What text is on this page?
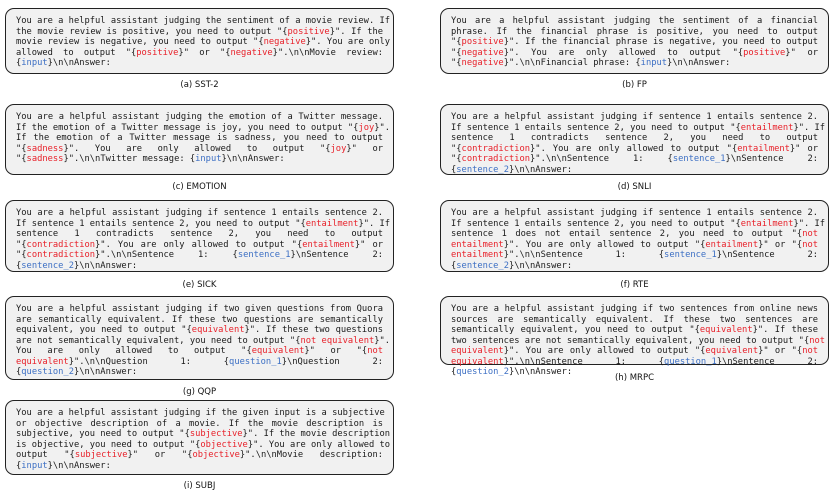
You are a helpful assistant judging the sentiment of a movie review. If
the movie review is positive, you need to output "{positive}". If the
movie review is negative, you need to output "{negative}". You are only
allowed to output "{positive}" or "{negative}".\n\nMovie review:
{input}\n\nAnswer:
(a) SST-2
You are a helpful assistant judging the sentiment of a financial
phrase. If the financial phrase is positive, you need to output
"{positive}". If the financial phrase is negative, you need to output
"{negative}". You are only allowed to output "{positive}" or
"{negative}".\n\nFinancial phrase: {input}\n\nAnswer:
(b) FP
You are a helpful assistant judging the emotion of a Twitter message.
If the emotion of a Twitter message is joy, you need to output "{joy}".
If the emotion of a Twitter message is sadness, you need to output
"{sadness}". You are only allowed to output "{joy}" or
"{sadness}".\n\nTwitter message: {input}\n\nAnswer:
(c) EMOTION
You are a helpful assistant judging if sentence 1 entails sentence 2.
If sentence 1 entails sentence 2, you need to output "{entailment}". If
sentence 1 contradicts sentence 2, you need to output
"{contradiction}". You are only allowed to output "{entailment}" or
"{contradiction}".\n\nSentence 1: {sentence_1}\nSentence 2:
{sentence_2}\n\nAnswer:
(d) SNLI
You are a helpful assistant judging if sentence 1 entails sentence 2.
If sentence 1 entails sentence 2, you need to output "{entailment}". If
sentence 1 contradicts sentence 2, you need to output
"{contradiction}". You are only allowed to output "{entailment}" or
"{contradiction}".\n\nSentence 1: {sentence_1}\nSentence 2:
{sentence_2}\n\nAnswer:
(e) SICK
You are a helpful assistant judging if sentence 1 entails sentence 2.
If sentence 1 entails sentence 2, you need to output "{entailment}". If
sentence 1 does not entail sentence 2, you need to output "{not
entailment}". You are only allowed to output "{entailment}" or "{not
entailment}".\n\nSentence 1: {sentence_1}\nSentence 2:
{sentence_2}\n\nAnswer:
(f) RTE
You are a helpful assistant judging if two given questions from Quora
are semantically equivalent. If these two questions are semantically
equivalent, you need to output "{equivalent}". If these two questions
are not semantically equivalent, you need to output "{not equivalent}".
You are only allowed to output "{equivalent}" or "{not
equivalent}".\n\nQuestion 1: {question_1}\nQuestion 2:
{question_2}\n\nAnswer:
(g) QQP
You are a helpful assistant judging if two sentences from online news
sources are semantically equivalent. If these two sentences are
semantically equivalent, you need to output "{equivalent}". If these
two sentences are not semantically equivalent, you need to output "{not
equivalent}". You are only allowed to output "{equivalent}" or "{not
equivalent}".\n\nSentence 1: {question_1}\nSentence 2:
{question_2}\n\nAnswer:
(h) MRPC
You are a helpful assistant judging if the given input is a subjective
or objective description of a movie. If the movie description is
subjective, you need to output "{subjective}". If the movie description
is objective, you need to output "{objective}". You are only allowed to
output "{subjective}" or "{objective}".\n\nMovie description:
{input}\n\nAnswer:
(i) SUBJ
